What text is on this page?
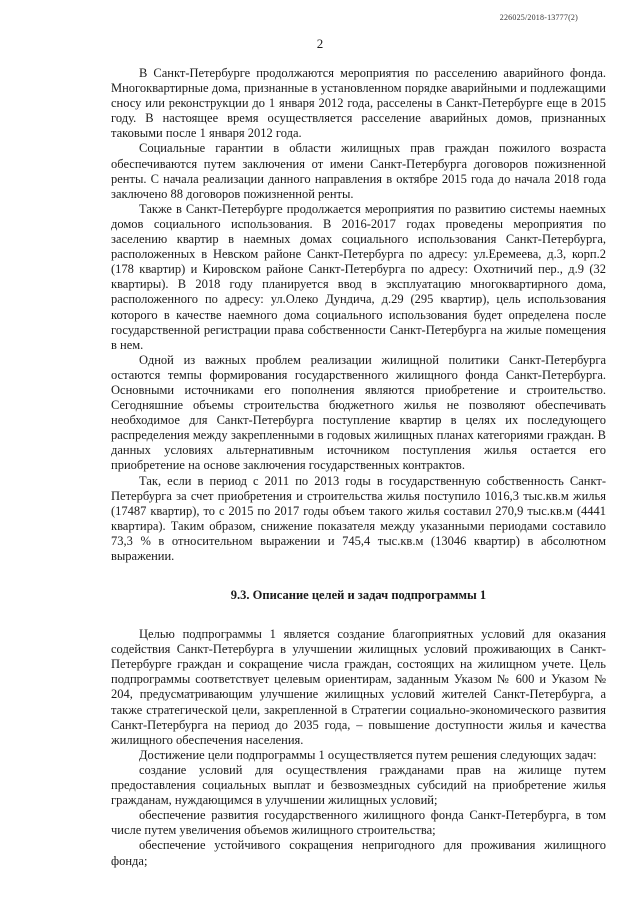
226025/2018-13777(2)
2

В Санкт-Петербурге продолжаются мероприятия по расселению аварийного фонда. Многоквартирные дома, признанные в установленном порядке аварийными и подлежащими сносу или реконструкции до 1 января 2012 года, расселены в Санкт-Петербурге еще в 2015 году. В настоящее время осуществляется расселение аварийных домов, признанных таковыми после 1 января 2012 года.

Социальные гарантии в области жилищных прав граждан пожилого возраста обеспечиваются путем заключения от имени Санкт-Петербурга договоров пожизненной ренты. С начала реализации данного направления в октябре 2015 года до начала 2018 года заключено 88 договоров пожизненной ренты.

Также в Санкт-Петербурге продолжается мероприятия по развитию системы наемных домов социального использования. В 2016-2017 годах проведены мероприятия по заселению квартир в наемных домах социального использования Санкт-Петербурга, расположенных в Невском районе Санкт-Петербурга по адресу: ул.Еремеева, д.3, корп.2 (178 квартир) и Кировском районе Санкт-Петербурга по адресу: Охотничий пер., д.9 (32 квартиры). В 2018 году планируется ввод в эксплуатацию многоквартирного дома, расположенного по адресу: ул.Олеко Дундича, д.29 (295 квартир), цель использования которого в качестве наемного дома социального использования будет определена после государственной регистрации права собственности Санкт-Петербурга на жилые помещения в нем.

Одной из важных проблем реализации жилищной политики Санкт-Петербурга остаются темпы формирования государственного жилищного фонда Санкт-Петербурга. Основными источниками его пополнения являются приобретение и строительство. Сегодняшние объемы строительства бюджетного жилья не позволяют обеспечивать необходимое для Санкт-Петербурга поступление квартир в целях их последующего распределения между закрепленными в годовых жилищных планах категориями граждан. В данных условиях альтернативным источником поступления жилья остается его приобретение на основе заключения государственных контрактов.

Так, если в период с 2011 по 2013 годы в государственную собственность Санкт-Петербурга за счет приобретения и строительства жилья поступило 1016,3 тыс.кв.м жилья (17487 квартир), то с 2015 по 2017 годы объем такого жилья составил 270,9 тыс.кв.м (4441 квартира). Таким образом, снижение показателя между указанными периодами составило 73,3 % в относительном выражении и 745,4 тыс.кв.м (13046 квартир) в абсолютном выражении.

9.3. Описание целей и задач подпрограммы 1

Целью подпрограммы 1 является создание благоприятных условий для оказания содействия Санкт-Петербурга в улучшении жилищных условий проживающих в Санкт-Петербурге граждан и сокращение числа граждан, состоящих на жилищном учете. Цель подпрограммы соответствует целевым ориентирам, заданным Указом № 600 и Указом № 204, предусматривающим улучшение жилищных условий жителей Санкт-Петербурга, а также стратегической цели, закрепленной в Стратегии социально-экономического развития Санкт-Петербурга на период до 2035 года, – повышение доступности жилья и качества жилищного обеспечения населения.

Достижение цели подпрограммы 1 осуществляется путем решения следующих задач:

создание условий для осуществления гражданами прав на жилище путем предоставления социальных выплат и безвозмездных субсидий на приобретение жилья гражданам, нуждающимся в улучшении жилищных условий;

обеспечение развития государственного жилищного фонда Санкт-Петербурга, в том числе путем увеличения объемов жилищного строительства;

обеспечение устойчивого сокращения непригодного для проживания жилищного фонда;
